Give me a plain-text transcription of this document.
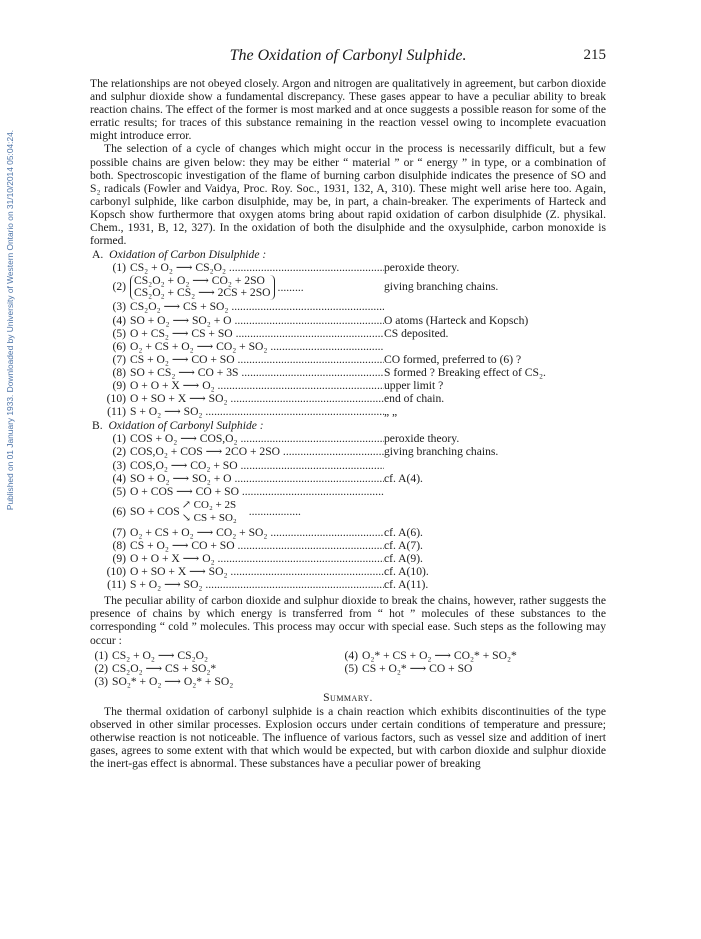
Published on 01 January 1933. Downloaded by University of Western Ontario on 31/10/2014 05:04:24.
The Oxidation of Carbonyl Sulphide.	215

The relationships are not obeyed closely. Argon and nitrogen are qualitatively in agreement, but carbon dioxide and sulphur dioxide show a fundamental discrepancy. These gases appear to have a peculiar ability to break reaction chains. The effect of the former is most marked and at once suggests a possible reason for some of the erratic results; for traces of this substance remaining in the reaction vessel owing to incomplete evacuation might introduce error.

The selection of a cycle of changes which might occur in the process is necessarily difficult, but a few possible chains are given below: they may be either “ material ” or “ energy ” in type, or a combination of both. Spectroscopic investigation of the flame of burning carbon disulphide indicates the presence of SO and S₂ radicals (Fowler and Vaidya, Proc. Roy. Soc., 1931, 132, A, 310). These might well arise here too. Again, carbonyl sulphide, like carbon disulphide, may be, in part, a chain-breaker. The experiments of Harteck and Kopsch show furthermore that oxygen atoms bring about rapid oxidation of carbon disulphide (Z. physikal. Chem., 1931, B, 12, 327). In the oxidation of both the disulphide and the oxysulphide, carbon monoxide is formed.

A. Oxidation of Carbon Disulphide :
(1) CS₂ + O₂ ⟶ CS₂O₂ .....	peroxide theory.
(2) CS₂O₂ + O₂ ⟶ CO₂ + 2SO
CS₂O₂ + CS₂ ⟶ 2CS + 2SO .........	giving branching chains.
(3) CS₂O₂ ⟶ CS + SO₂ .....
(4) SO + O₂ ⟶ SO₂ + O .....	O atoms (Harteck and Kopsch)
(5) O + CS₂ ⟶ CS + SO .....	CS deposited.
(6) O₂ + CS + O₂ ⟶ CO₂ + SO₂ .....
(7) CS + O₂ ⟶ CO + SO .....	CO formed, preferred to (6) ?
(8) SO + CS₂ ⟶ CO + 3S .....	S formed ? Breaking effect of CS₂.
(9) O + O + X ⟶ O₂ .....	upper limit ?
(10) O + SO + X ⟶ SO₂ .....	end of chain.
(11) S + O₂ ⟶ SO₂ .....	„ „
B. Oxidation of Carbonyl Sulphide :
(1) COS + O₂ ⟶ COS,O₂ .....	peroxide theory.
(2) COS,O₂ + COS ⟶ 2CO + 2SO .....	giving branching chains.
(3) COS,O₂ ⟶ CO₂ + SO .....
(4) SO + O₂ ⟶ SO₂ + O .....	cf. A(4).
(5) O + COS ⟶ CO + SO .....
(6) SO + COS ↗ CO₂ + 2S
↘ CS + SO₂ ..................
(7) O₂ + CS + O₂ ⟶ CO₂ + SO₂ .....	cf. A(6).
(8) CS + O₂ ⟶ CO + SO .....	cf. A(7).
(9) O + O + X ⟶ O₂ .....	cf. A(9).
(10) O + SO + X ⟶ SO₂ .....	cf. A(10).
(11) S + O₂ ⟶ SO₂ .....	cf. A(11).

The peculiar ability of carbon dioxide and sulphur dioxide to break the chains, however, rather suggests the presence of chains by which energy is transferred from “ hot ” molecules of these substances to the corresponding “ cold ” molecules. This process may occur with special ease. Such steps as the following may occur :

(1) CS₂ + O₂ ⟶ CS₂O₂
(2) CS₂O₂ ⟶ CS + SO₂*
(3) SO₂* + O₂ ⟶ O₂* + SO₂
(4) O₂* + CS + O₂ ⟶ CO₂* + SO₂*
(5) CS + O₂* ⟶ CO + SO
Summary.

The thermal oxidation of carbonyl sulphide is a chain reaction which exhibits discontinuities of the type observed in other similar processes. Explosion occurs under certain conditions of temperature and pressure; otherwise reaction is not noticeable. The influence of various factors, such as vessel size and addition of inert gases, agrees to some extent with that which would be expected, but with carbon dioxide and sulphur dioxide the inert-gas effect is abnormal. These substances have a peculiar power of breaking
